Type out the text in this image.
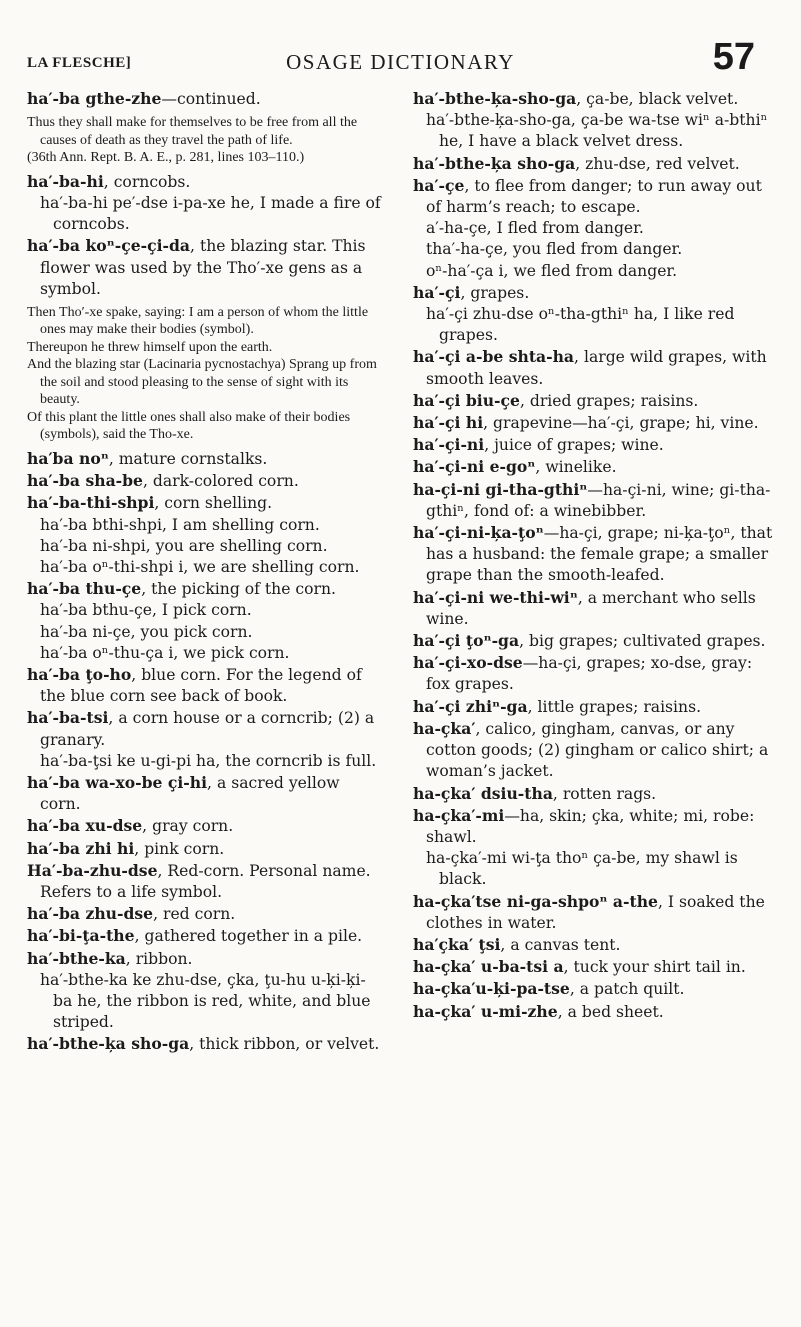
LA FLESCHE]	OSAGE DICTIONARY	57

ha′-ba gthe-zhe—continued.

Thus they shall make for themselves to be free from all the causes of death as they travel the path of life.

(36th Ann. Rept. B. A. E., p. 281, lines 103–110.)

ha′-ba-hi, corncobs.

ha′-ba-hi pe′-dse i-pa-xe he, I made a fire of corncobs.

ha′-ba koⁿ-çe-çi-da, the blazing star. This flower was used by the Tho′-xe gens as a symbol.

Then Tho′-xe spake, saying: I am a person of whom the little ones may make their bodies (symbol).

Thereupon he threw himself upon the earth.

And the blazing star (Lacinaria pycnostachya) Sprang up from the soil and stood pleasing to the sense of sight with its beauty.

Of this plant the little ones shall also make of their bodies (symbols), said the Tho-xe.

ha′ba noⁿ, mature cornstalks.

ha′-ba sha-be, dark-colored corn.

ha′-ba-thi-shpi, corn shelling.

ha′-ba bthi-shpi, I am shelling corn.

ha′-ba ni-shpi, you are shelling corn.

ha′-ba oⁿ-thi-shpi i, we are shelling corn.

ha′-ba thu-çe, the picking of the corn.

ha′-ba bthu-çe, I pick corn.

ha′-ba ni-çe, you pick corn.

ha′-ba oⁿ-thu-ça i, we pick corn.

ha′-ba ţo-ho, blue corn. For the legend of the blue corn see back of book.

ha′-ba-tsi, a corn house or a corncrib; (2) a granary.

ha′-ba-ţsi ke u-gi-pi ha, the corncrib is full.

ha′-ba wa-xo-be çi-hi, a sacred yellow corn.

ha′-ba xu-dse, gray corn.

ha′-ba zhi hi, pink corn.

Ha′-ba-zhu-dse, Red-corn. Personal name. Refers to a life symbol.

ha′-ba zhu-dse, red corn.

ha′-bi-ţa-the, gathered together in a pile.

ha′-bthe-ka, ribbon.

ha′-bthe-ka ke zhu-dse, çka, ţu-hu u-ķi-ķi-ba he, the ribbon is red, white, and blue striped.

ha′-bthe-ķa sho-ga, thick ribbon, or velvet.

ha′-bthe-ķa-sho-ga, ça-be, black velvet.

ha′-bthe-ķa-sho-ga, ça-be wa-tse wiⁿ a-bthiⁿ he, I have a black velvet dress.

ha′-bthe-ķa sho-ga, zhu-dse, red velvet.

ha′-çe, to flee from danger; to run away out of harm’s reach; to escape.

a′-ha-çe, I fled from danger.

tha′-ha-çe, you fled from danger.

oⁿ-ha′-ça i, we fled from danger.

ha′-çi, grapes.

ha′-çi zhu-dse oⁿ-tha-gthiⁿ ha, I like red grapes.

ha′-çi a-be shta-ha, large wild grapes, with smooth leaves.

ha′-çi biu-çe, dried grapes; raisins.

ha′-çi hi, grapevine—ha′-çi, grape; hi, vine.

ha′-çi-ni, juice of grapes; wine.

ha′-çi-ni e-goⁿ, winelike.

ha-çi-ni gi-tha-gthiⁿ—ha-çi-ni, wine; gi-tha-gthiⁿ, fond of: a winebibber.

ha′-çi-ni-ķa-ţoⁿ—ha-çi, grape; ni-ķa-ţoⁿ, that has a husband: the female grape; a smaller grape than the smooth-leafed.

ha′-çi-ni we-thi-wiⁿ, a merchant who sells wine.

ha′-çi ţoⁿ-ga, big grapes; cultivated grapes.

ha′-çi-xo-dse—ha-çi, grapes; xo-dse, gray: fox grapes.

ha′-çi zhiⁿ-ga, little grapes; raisins.

ha-çka′, calico, gingham, canvas, or any cotton goods; (2) gingham or calico shirt; a woman’s jacket.

ha-çka′ dsiu-tha, rotten rags.

ha-çka′-mi—ha, skin; çka, white; mi, robe: shawl.

ha-çka′-mi wi-ţa thoⁿ ça-be, my shawl is black.

ha-çka′tse ni-ga-shpoⁿ a-the, I soaked the clothes in water.

ha′çka′ ţsi, a canvas tent.

ha-çka′ u-ba-tsi a, tuck your shirt tail in.

ha-çka′u-ķi-pa-tse, a patch quilt.

ha-çka′ u-mi-zhe, a bed sheet.
